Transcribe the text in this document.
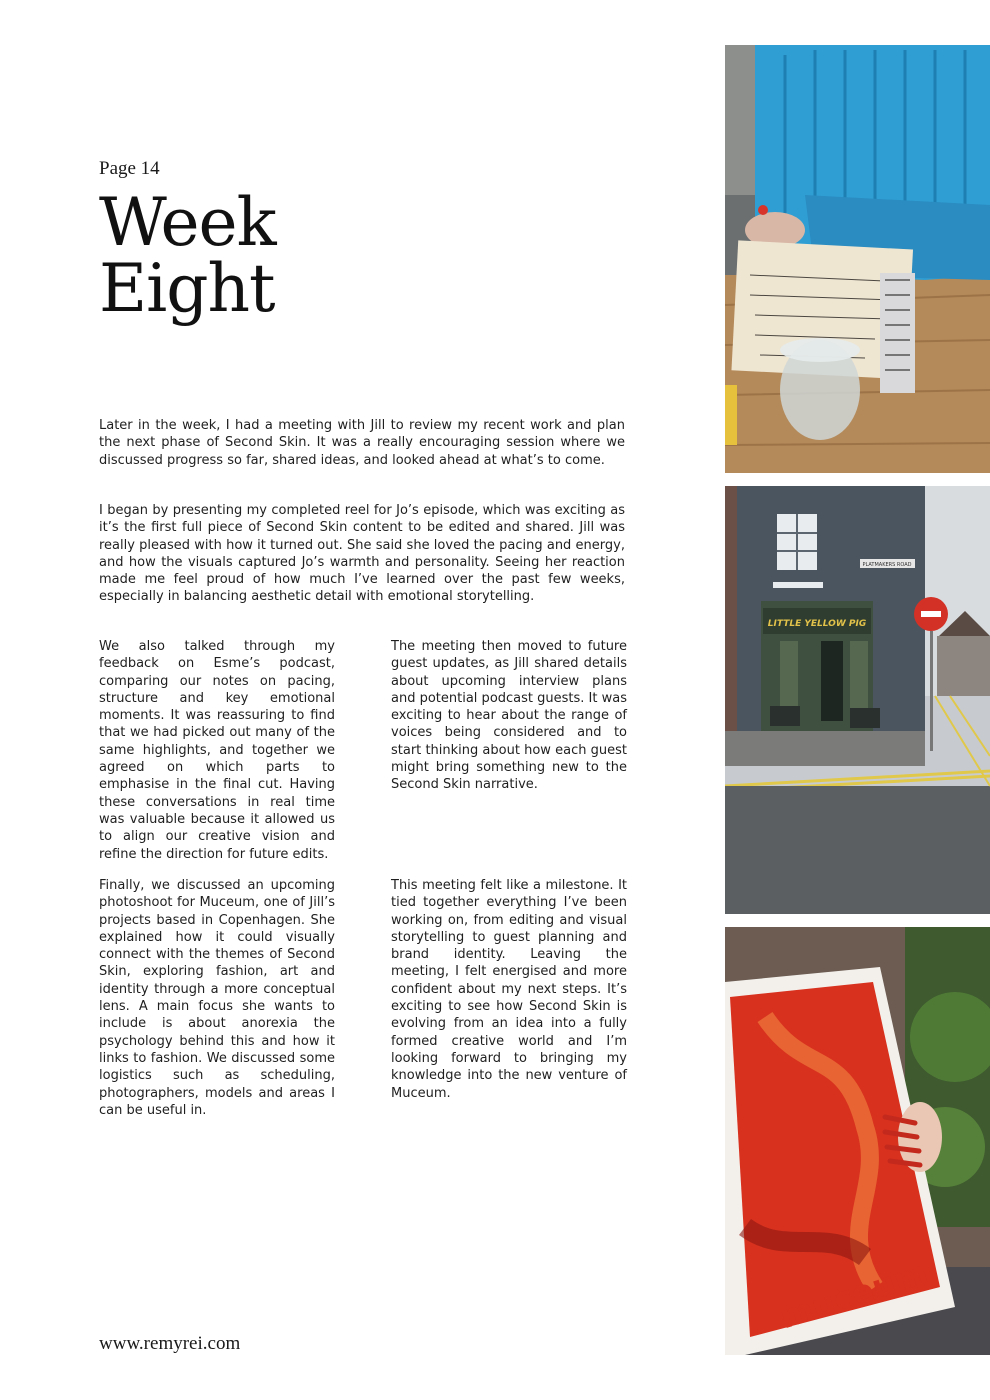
Page 14
Week
Eight

Later in the week, I had a meeting with Jill to review my recent work and plan the next phase of Second Skin. It was a really encouraging session where we discussed progress so far, shared ideas, and looked ahead at what’s to come.

I began by presenting my completed reel for Jo’s episode, which was exciting as it’s the first full piece of Second Skin content to be edited and shared. Jill was really pleased with how it turned out. She said she loved the pacing and energy, and how the visuals captured Jo’s warmth and personality. Seeing her reaction made me feel proud of how much I’ve learned over the past few weeks, especially in balancing aesthetic detail with emotional storytelling.

We also talked through my feedback on Esme’s podcast, comparing our notes on pacing, structure and key emotional moments. It was reassuring to find that we had picked out many of the same highlights, and together we agreed on which parts to emphasise in the final cut. Having these conversations in real time was valuable because it allowed us to align our creative vision and refine the direction for future edits.

The meeting then moved to future guest updates, as Jill shared details about upcoming interview plans and potential podcast guests. It was exciting to hear about the range of voices being considered and to start thinking about how each guest might bring something new to the Second Skin narrative.

Finally, we discussed an upcoming photoshoot for Muceum, one of Jill’s projects based in Copenhagen. She explained how it could visually connect with the themes of Second Skin, exploring fashion, art and identity through a more conceptual lens. A main focus she wants to include is about anorexia the psychology behind this and how it links to fashion. We discussed some logistics such as scheduling, photographers, models and areas I can be useful in.

This meeting felt like a milestone. It tied together everything I’ve been working on, from editing and visual storytelling to guest planning and brand identity. Leaving the meeting, I felt energised and more confident about my next steps. It’s exciting to see how Second Skin is evolving from an idea into a fully formed creative world and I’m looking forward to bringing my knowledge into the new venture of Muceum.

www.remyrei.com
LITTLE YELLOW PIG
PLATMAKERS ROAD
muceum
